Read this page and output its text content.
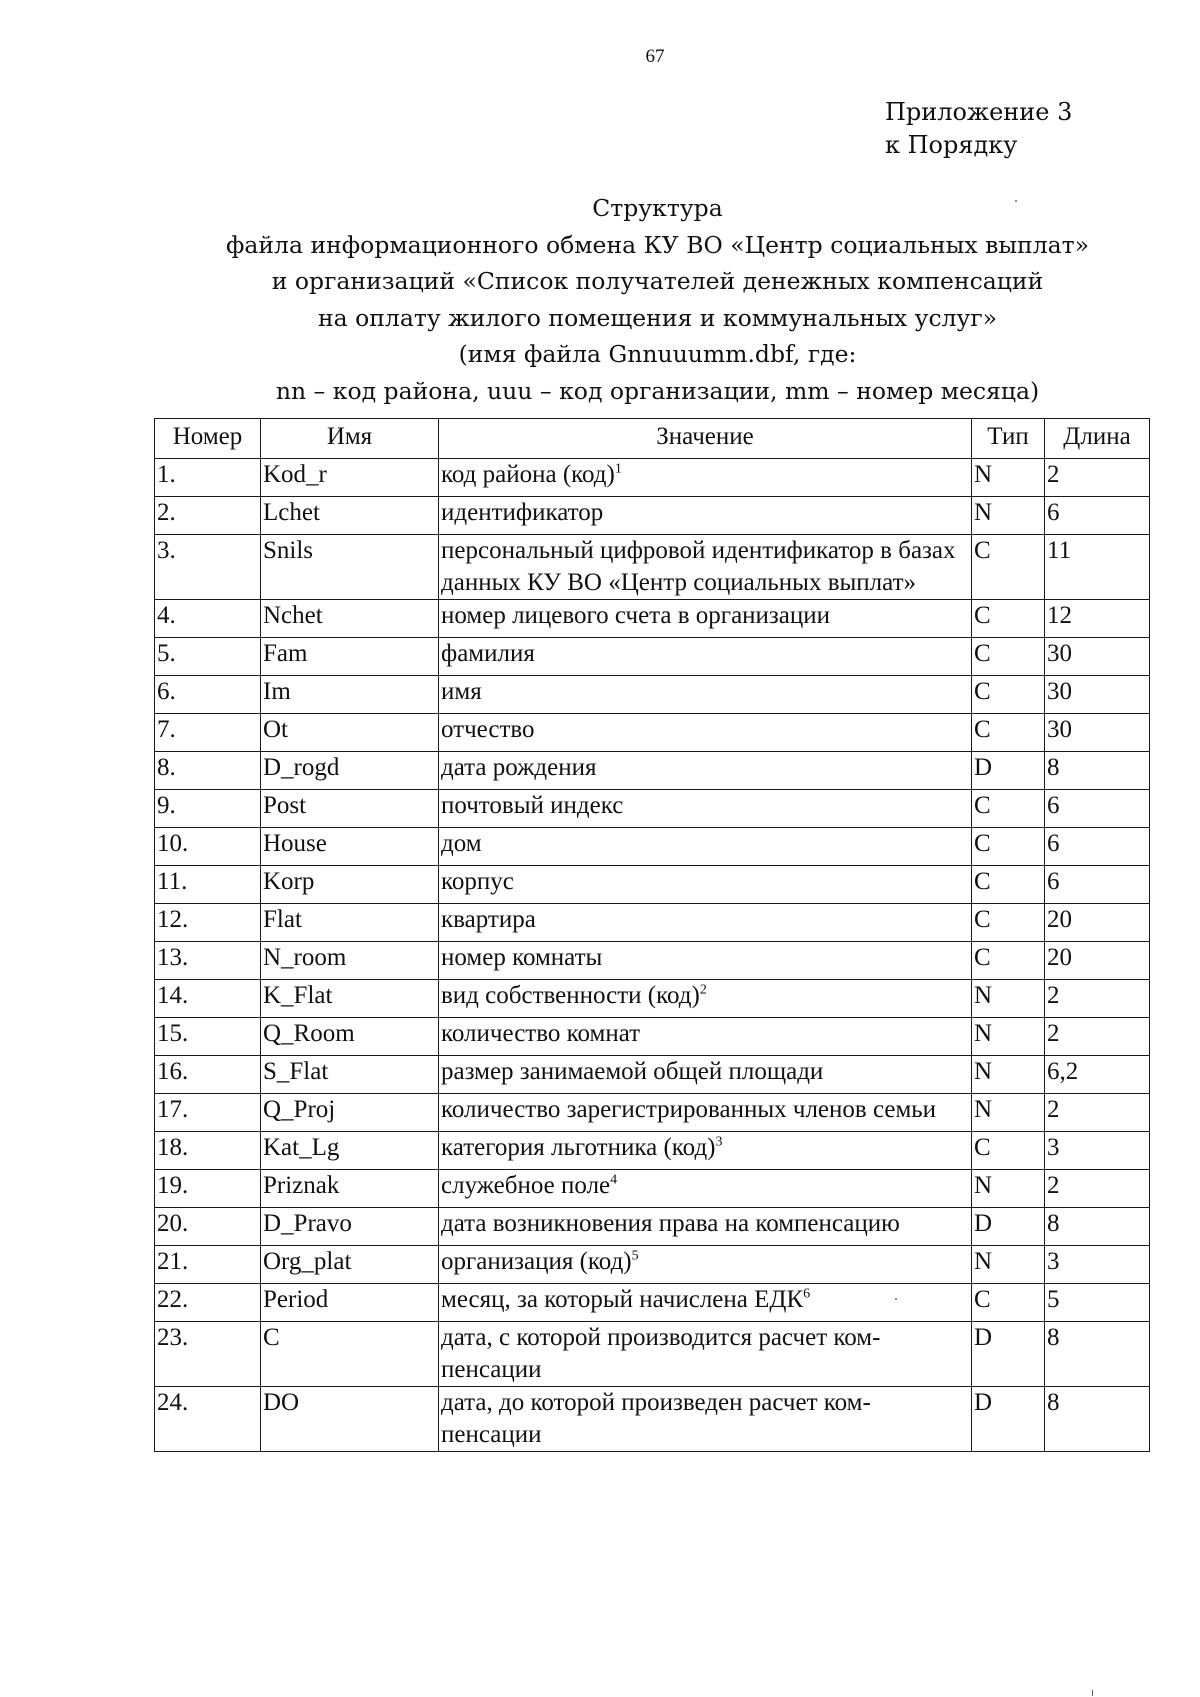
67
Приложение 3
к Порядку
Структура
файла информационного обмена КУ ВО «Центр социальных выплат»
и организаций «Список получателей денежных компенсаций
на оплату жилого помещения и коммунальных услуг»
(имя файла Gnnuuumm.dbf, где:
nn – код района, uuu – код организации, mm – номер месяца)
Номер	Имя	Значение	Тип	Длина
1.	Kod_r	код района (код)$^1$	N	2
2.	Lchet	идентификатор	N	6
3.	Snils	персональный цифровой идентификатор в базах данных КУ ВО «Центр социальных выплат»	C	11
4.	Nchet	номер лицевого счета в организации	C	12
5.	Fam	фамилия	C	30
6.	Im	имя	C	30
7.	Ot	отчество	C	30
8.	D_rogd	дата рождения	D	8
9.	Post	почтовый индекс	C	6
10.	House	дом	C	6
11.	Korp	корпус	C	6
12.	Flat	квартира	C	20
13.	N_room	номер комнаты	C	20
14.	K_Flat	вид собственности (код)$^2$	N	2
15.	Q_Room	количество комнат	N	2
16.	S_Flat	размер занимаемой общей площади	N	6,2
17.	Q_Proj	количество зарегистрированных членов семьи	N	2
18.	Kat_Lg	категория льготника (код)$^3$	C	3
19.	Priznak	служебное поле$^4$	N	2
20.	D_Pravo	дата возникновения права на компенсацию	D	8
21.	Org_plat	организация (код)$^5$	N	3
22.	Period	месяц, за который начислена ЕДК$^6$	C	5
23.	C	дата, с которой производится расчет ком-пенсации	D	8
24.	DO	дата, до которой произведен расчет ком-пенсации	D	8
